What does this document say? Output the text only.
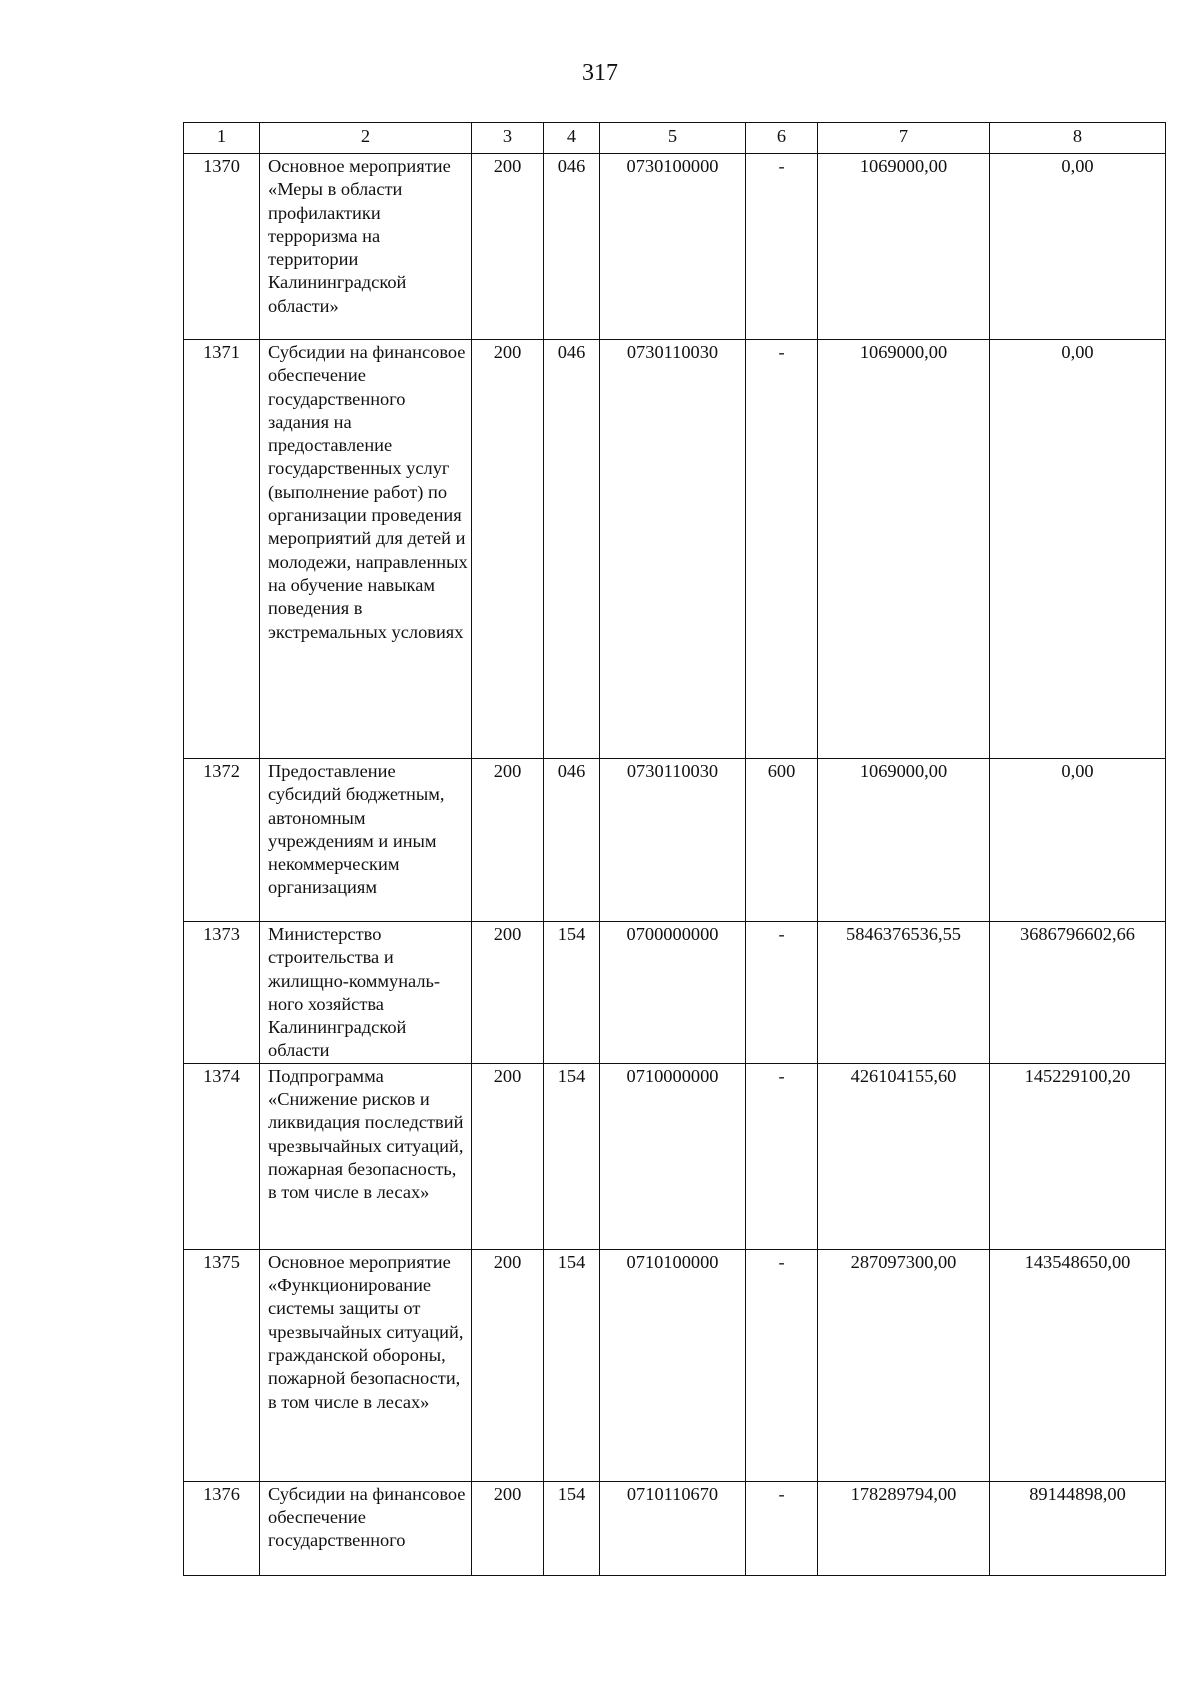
317
1	2	3	4	5	6	7	8
1370	Основное мероприятие «Меры в области профилактики терроризма на территории Калининградской области»	200	046	0730100000	-	1069000,00	0,00
1371	Субсидии на финансовое обеспечение государственного задания на предоставление государственных услуг (выполнение работ) по организации проведения мероприятий для детей и молодежи, направленных на обучение навыкам поведения в экстремальных условиях	200	046	0730110030	-	1069000,00	0,00
1372	Предоставление субсидий бюджетным, автономным учреждениям и иным некоммерческим организациям	200	046	0730110030	600	1069000,00	0,00
1373	Министерство строительства и жилищно-коммуналь-ного хозяйства Калининградской области	200	154	0700000000	-	5846376536,55	3686796602,66
1374	Подпрограмма «Снижение рисков и ликвидация последствий чрезвычайных ситуаций, пожарная безопасность, в том числе в лесах»	200	154	0710000000	-	426104155,60	145229100,20
1375	Основное мероприятие «Функционирование системы защиты от чрезвычайных ситуаций, гражданской обороны, пожарной безопасности, в том числе в лесах»	200	154	0710100000	-	287097300,00	143548650,00
1376	Субсидии на финансовое обеспечение государственного	200	154	0710110670	-	178289794,00	89144898,00
